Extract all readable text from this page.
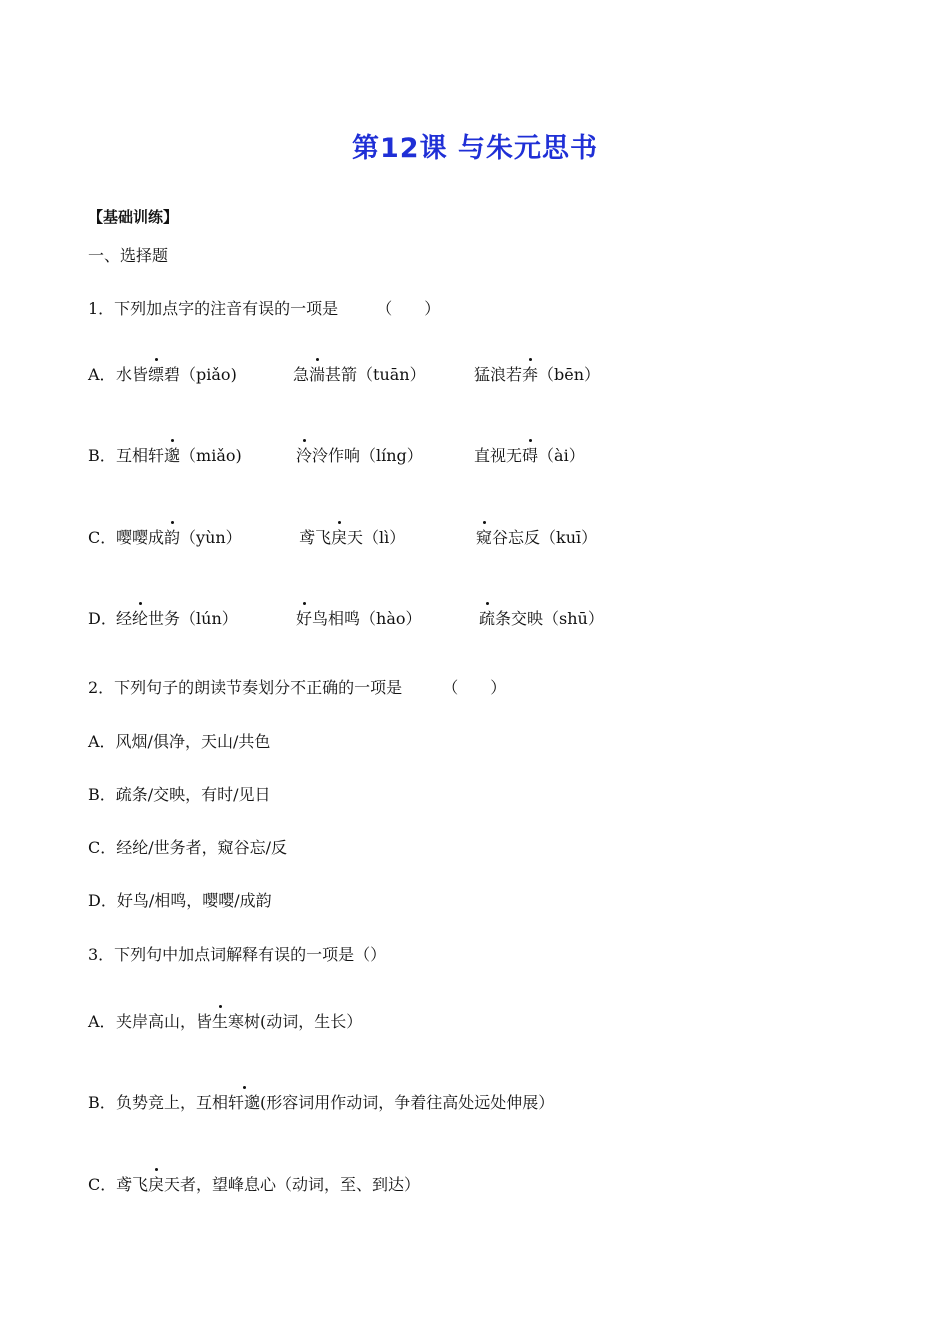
第12课 与朱元思书
【基础训练】
一、选择题
1．下列加点字的注音有误的一项是 （　　）
A． 水皆缥碧（piǎo)	急湍甚箭（tuān）	猛浪若奔（bēn）
B． 互相轩邈（miǎo)	泠泠作响（líng）	直视无碍（ài）
C． 嘤嘤成韵（yùn）	鸢飞戾天（lì）	窥谷忘反（kuī）
D． 经纶世务（lún）	好鸟相鸣（hào）	疏条交映（shū）
2．下列句子的朗读节奏划分不正确的一项是	（　　）
A．风烟/俱净，天山/共色
B．疏条/交映，有时/见日
C．经纶/世务者，窥谷忘/反
D．好鸟/相鸣，嘤嘤/成韵
3．下列句中加点词解释有误的一项是（）
A． 夹岸高山，皆生寒树(动词，生长）
B． 负势竞上，互相轩邈(形容词用作动词，争着往高处远处伸展）
C． 鸢飞戾天者，望峰息心（动词，至、到达）
